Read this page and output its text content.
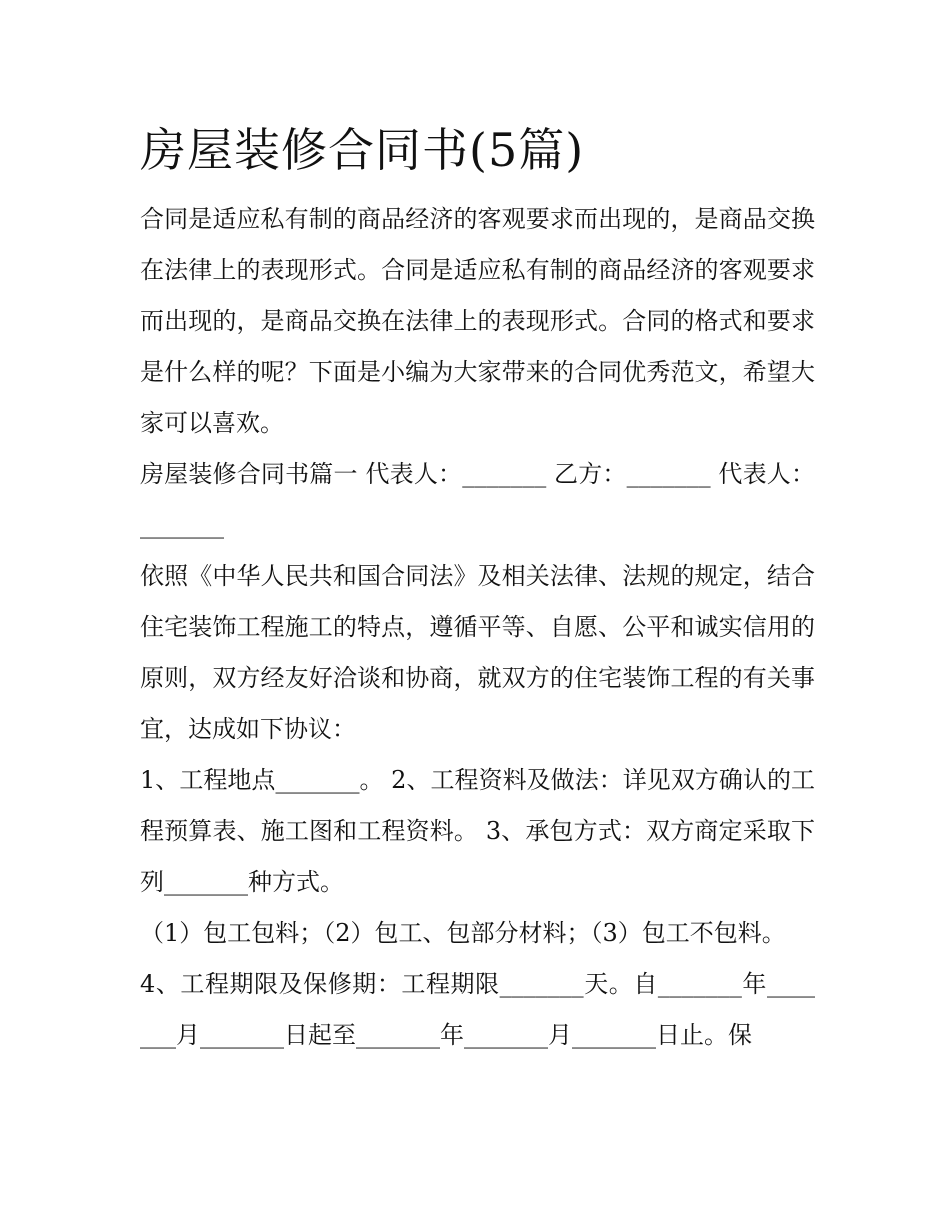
房屋装修合同书(5篇)

合同是适应私有制的商品经济的客观要求而出现的，是商品交换在法律上的表现形式。合同是适应私有制的商品经济的客观要求而出现的，是商品交换在法律上的表现形式。合同的格式和要求是什么样的呢？下面是小编为大家带来的合同优秀范文，希望大家可以喜欢。

房屋装修合同书篇一 代表人：_______ 乙方：_______ 代表人：_______

依照《中华人民共和国合同法》及相关法律、法规的规定，结合住宅装饰工程施工的特点，遵循平等、自愿、公平和诚实信用的原则，双方经友好洽谈和协商，就双方的住宅装饰工程的有关事宜，达成如下协议：

1、工程地点_______。 2、工程资料及做法：详见双方确认的工程预算表、施工图和工程资料。 3、承包方式：双方商定采取下列_______种方式。

（1）包工包料；（2）包工、包部分材料；（3）包工不包料。

4、工程期限及保修期：工程期限_______天。自_______年_______月_______日起至_______年_______月_______日止。保
